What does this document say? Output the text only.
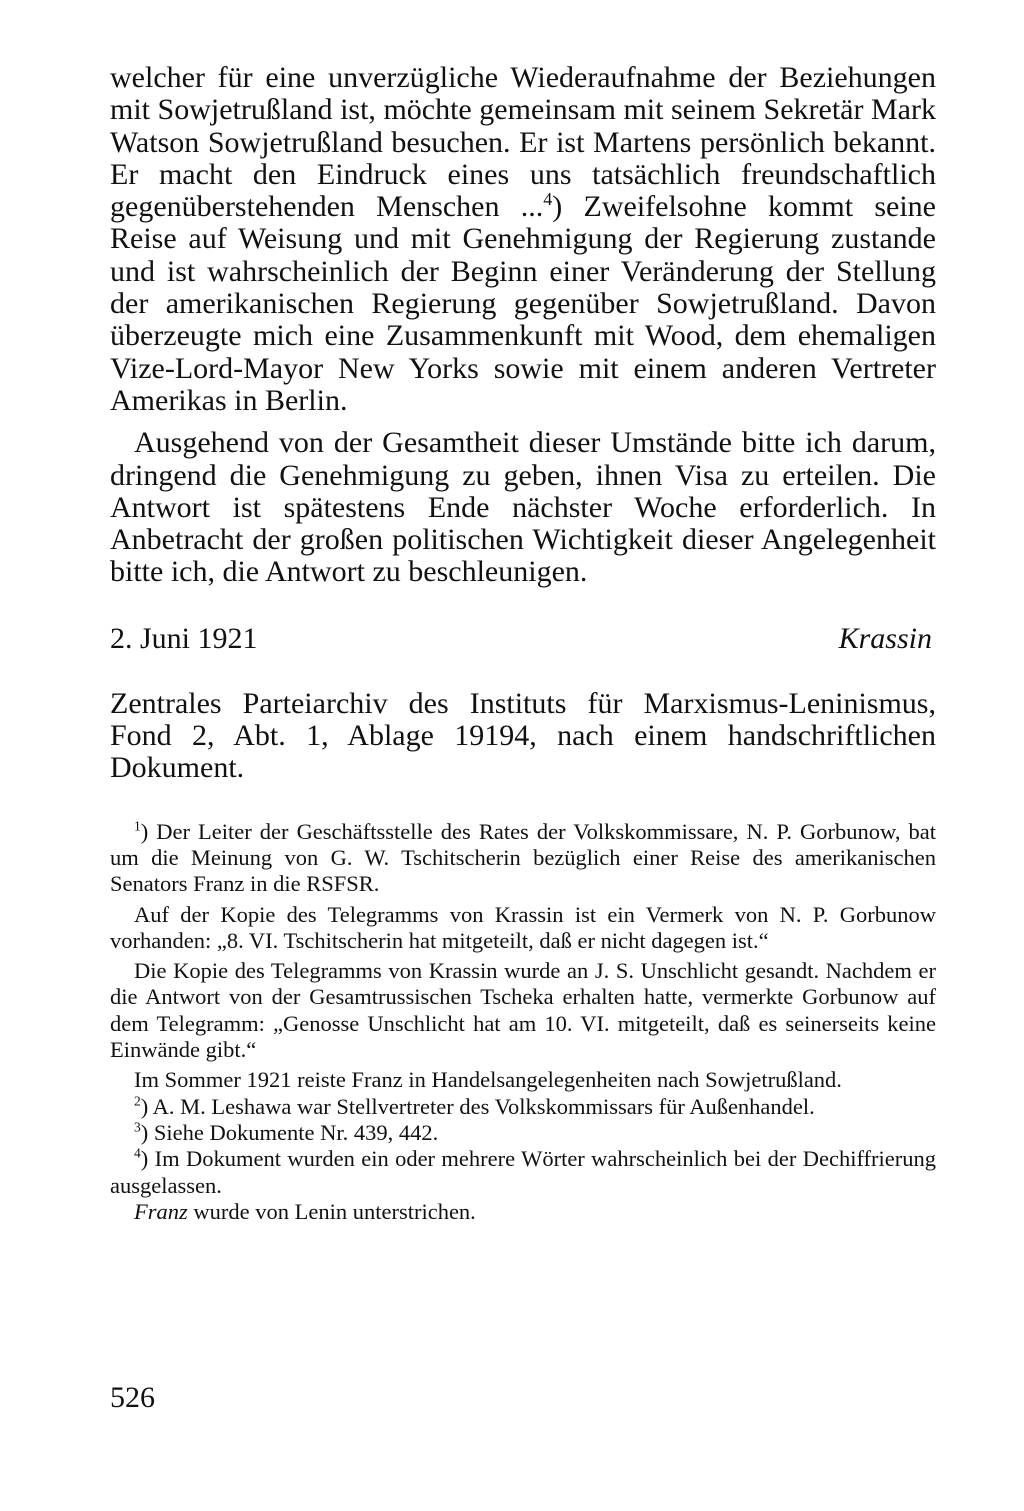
welcher für eine unverzügliche Wiederaufnahme der Beziehungen mit Sowjetrußland ist, möchte gemeinsam mit seinem Sekretär Mark Watson Sowjetrußland besuchen. Er ist Martens persönlich bekannt. Er macht den Eindruck eines uns tatsächlich freundschaftlich gegenüberstehenden Menschen ...$^4$) Zweifelsohne kommt seine Reise auf Weisung und mit Genehmigung der Regierung zustande und ist wahrscheinlich der Beginn einer Veränderung der Stellung der amerikanischen Regierung gegenüber Sowjetrußland. Davon überzeugte mich eine Zusammenkunft mit Wood, dem ehemaligen Vize-Lord-Mayor New Yorks sowie mit einem anderen Vertreter Amerikas in Berlin.

Ausgehend von der Gesamtheit dieser Umstände bitte ich darum, dringend die Genehmigung zu geben, ihnen Visa zu erteilen. Die Antwort ist spätestens Ende nächster Woche erforderlich. In Anbetracht der großen politischen Wichtigkeit dieser Angelegenheit bitte ich, die Antwort zu beschleunigen.

2. Juni 1921	Krassin

Zentrales Parteiarchiv des Instituts für Marxismus-Leninismus, Fond 2, Abt. 1, Ablage 19194, nach einem handschriftlichen Dokument.

$^1$) Der Leiter der Geschäftsstelle des Rates der Volkskommissare, N. P. Gorbunow, bat um die Meinung von G. W. Tschitscherin bezüglich einer Reise des amerikanischen Senators Franz in die RSFSR.

Auf der Kopie des Telegramms von Krassin ist ein Vermerk von N. P. Gorbunow vorhanden: „8. VI. Tschitscherin hat mitgeteilt, daß er nicht dagegen ist.“

Die Kopie des Telegramms von Krassin wurde an J. S. Unschlicht gesandt. Nachdem er die Antwort von der Gesamtrussischen Tscheka erhalten hatte, vermerkte Gorbunow auf dem Telegramm: „Genosse Unschlicht hat am 10. VI. mitgeteilt, daß es seinerseits keine Einwände gibt.“

Im Sommer 1921 reiste Franz in Handelsangelegenheiten nach Sowjetrußland.

$^2$) A. M. Leshawa war Stellvertreter des Volkskommissars für Außenhandel.

$^3$) Siehe Dokumente Nr. 439, 442.

$^4$) Im Dokument wurden ein oder mehrere Wörter wahrscheinlich bei der Dechiffrierung ausgelassen.

Franz wurde von Lenin unterstrichen.

526
